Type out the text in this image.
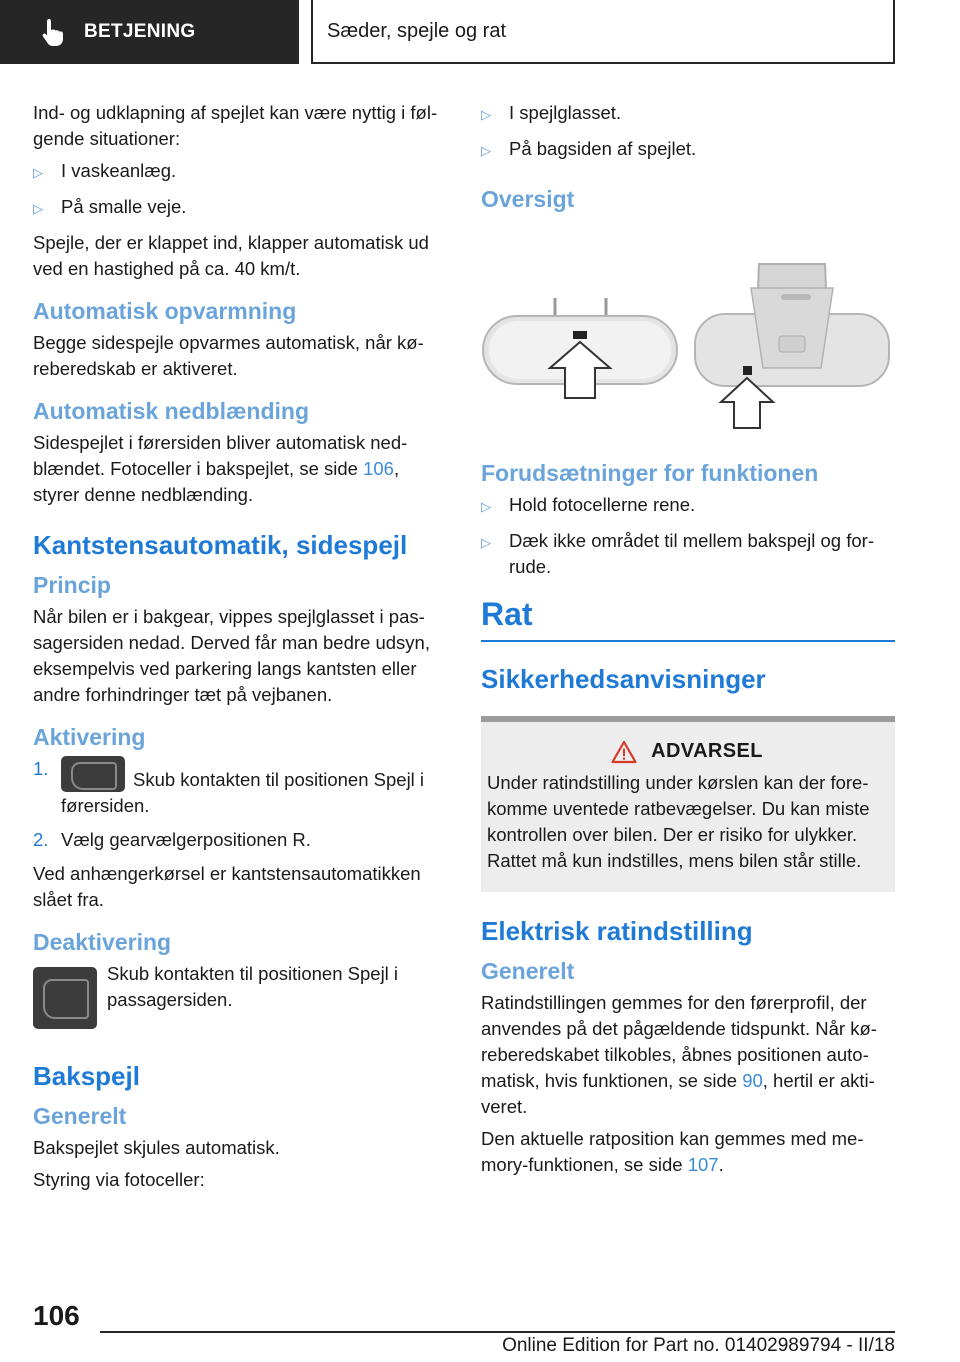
BETJENING	Sæder, spejle og rat

Ind- og udklapning af spejlet kan være nyttig i føl-gende situationer:

▷ I vaskeanlæg.
▷ På smalle veje.

Spejle, der er klappet ind, klapper automatisk ud ved en hastighed på ca. 40 km/t.

Automatisk opvarmning

Begge sidespejle opvarmes automatisk, når kø-reberedskab er aktiveret.

Automatisk nedblænding

Sidespejlet i førersiden bliver automatisk ned-blændet. Fotoceller i bakspejlet, se side 106, styrer denne nedblænding.

Kantstensautomatik, sidespejl
Princip

Når bilen er i bakgear, vippes spejlglasset i pas-sagersiden nedad. Derved får man bedre udsyn, eksempelvis ved parkering langs kantsten eller andre forhindringer tæt på vejbanen.

Aktivering
1.
Skub kontakten til positionen Spejl i førersiden.
2. Vælg gearvælgerpositionen R.

Ved anhængerkørsel er kantstensautomatikken slået fra.

Deaktivering

Skub kontakten til positionen Spejl i passagersiden.

Bakspejl
Generelt

Bakspejlet skjules automatisk.

Styring via fotoceller:

▷ I spejlglasset.
▷ På bagsiden af spejlet.
Oversigt
Forudsætninger for funktionen
▷ Hold fotocellerne rene.
▷ Dæk ikke området til mellem bakspejl og for-rude.
Rat
Sikkerhedsanvisninger
ADVARSEL

Under ratindstilling under kørslen kan der fore-komme uventede ratbevægelser. Du kan miste kontrollen over bilen. Der er risiko for ulykker. Rattet må kun indstilles, mens bilen står stille.

Elektrisk ratindstilling
Generelt

Ratindstillingen gemmes for den førerprofil, der anvendes på det pågældende tidspunkt. Når kø-reberedskabet tilkobles, åbnes positionen auto-matisk, hvis funktionen, se side 90, hertil er akti-veret.

Den aktuelle ratposition kan gemmes med me-mory-funktionen, se side 107.

106
Online Edition for Part no. 01402989794 - II/18
